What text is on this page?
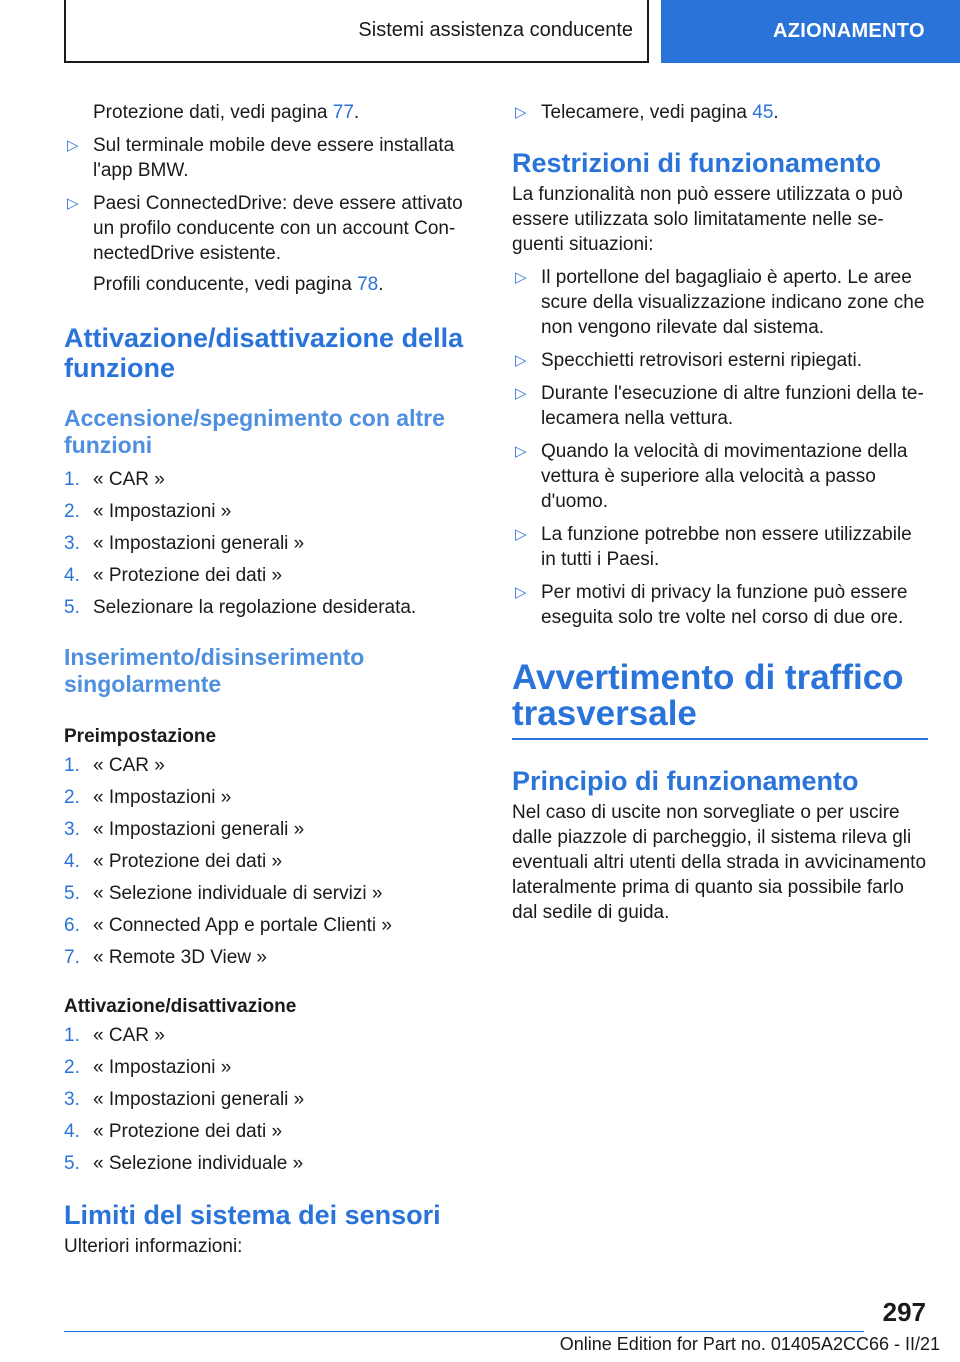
Sistemi assistenza conducente	AZIONAMENTO

Protezione dati, vedi pagina 77.

▷ Sul terminale mobile deve essere installata l'app BMW.
▷ Paesi ConnectedDrive: deve essere attivato un profilo conducente con un account ConnectedDrive esistente.

Profili conducente, vedi pagina 78.

Attivazione/disattivazione della funzione
Accensione/spegnimento con altre funzioni
1. « CAR »
2. « Impostazioni »
3. « Impostazioni generali »
4. « Protezione dei dati »
5. Selezionare la regolazione desiderata.
Inserimento/disinserimento singolarmente

Preimpostazione

1. « CAR »
2. « Impostazioni »
3. « Impostazioni generali »
4. « Protezione dei dati »
5. « Selezione individuale di servizi »
6. « Connected App e portale Clienti »
7. « Remote 3D View »

Attivazione/disattivazione

1. « CAR »
2. « Impostazioni »
3. « Impostazioni generali »
4. « Protezione dei dati »
5. « Selezione individuale »
Limiti del sistema dei sensori

Ulteriori informazioni:

▷ Telecamere, vedi pagina 45.
Restrizioni di funzionamento

La funzionalità non può essere utilizzata o può essere utilizzata solo limitatamente nelle seguenti situazioni:

▷ Il portellone del bagagliaio è aperto. Le aree scure della visualizzazione indicano zone che non vengono rilevate dal sistema.
▷ Specchietti retrovisori esterni ripiegati.
▷ Durante l'esecuzione di altre funzioni della telecamera nella vettura.
▷ Quando la velocità di movimentazione della vettura è superiore alla velocità a passo d'uomo.
▷ La funzione potrebbe non essere utilizzabile in tutti i Paesi.
▷ Per motivi di privacy la funzione può essere eseguita solo tre volte nel corso di due ore.
Avvertimento di traffico trasversale
Principio di funzionamento

Nel caso di uscite non sorvegliate o per uscire dalle piazzole di parcheggio, il sistema rileva gli eventuali altri utenti della strada in avvicinamento lateralmente prima di quanto sia possibile farlo dal sedile di guida.

297
Online Edition for Part no. 01405A2CC66 - II/21
